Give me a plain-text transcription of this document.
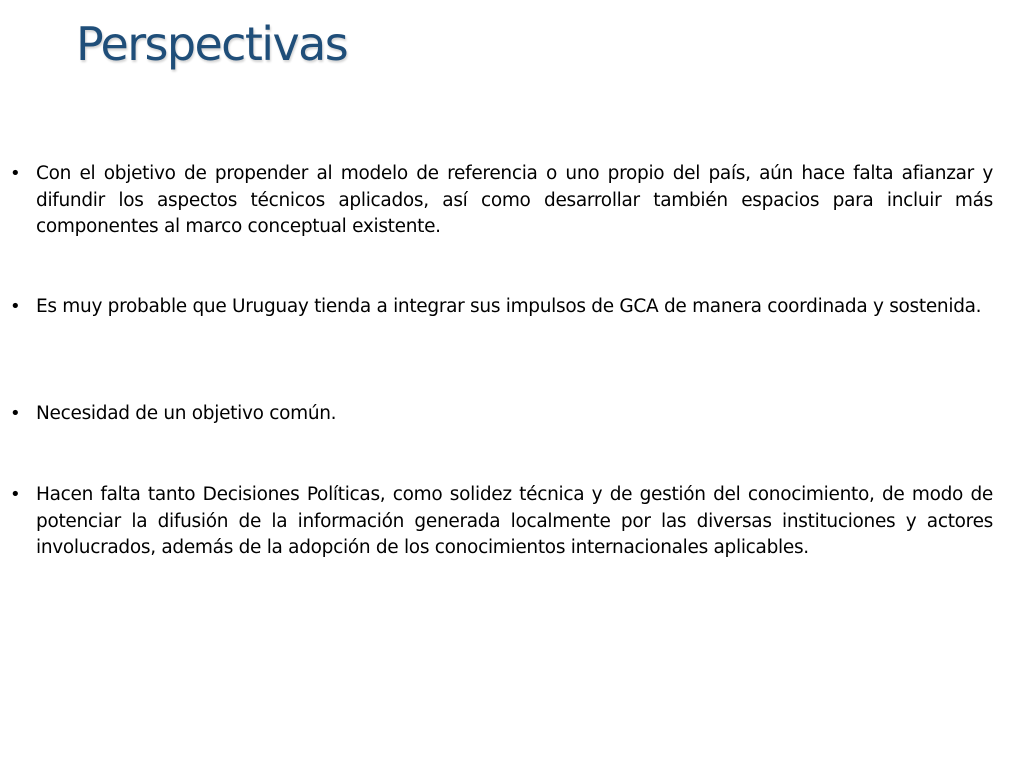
Perspectivas
• Con el objetivo de propender al modelo de referencia o uno propio del país, aún hace falta afianzar y difundir los aspectos técnicos aplicados, así como desarrollar también espacios para incluir más componentes al marco conceptual existente.

• Es muy probable que Uruguay tienda a integrar sus impulsos de GCA de manera coordinada y sostenida.

• Necesidad de un objetivo común.

• Hacen falta tanto Decisiones Políticas, como solidez técnica y de gestión del conocimiento, de modo de potenciar la difusión de la información generada localmente por las diversas instituciones y actores involucrados, además de la adopción de los conocimientos internacionales aplicables.
